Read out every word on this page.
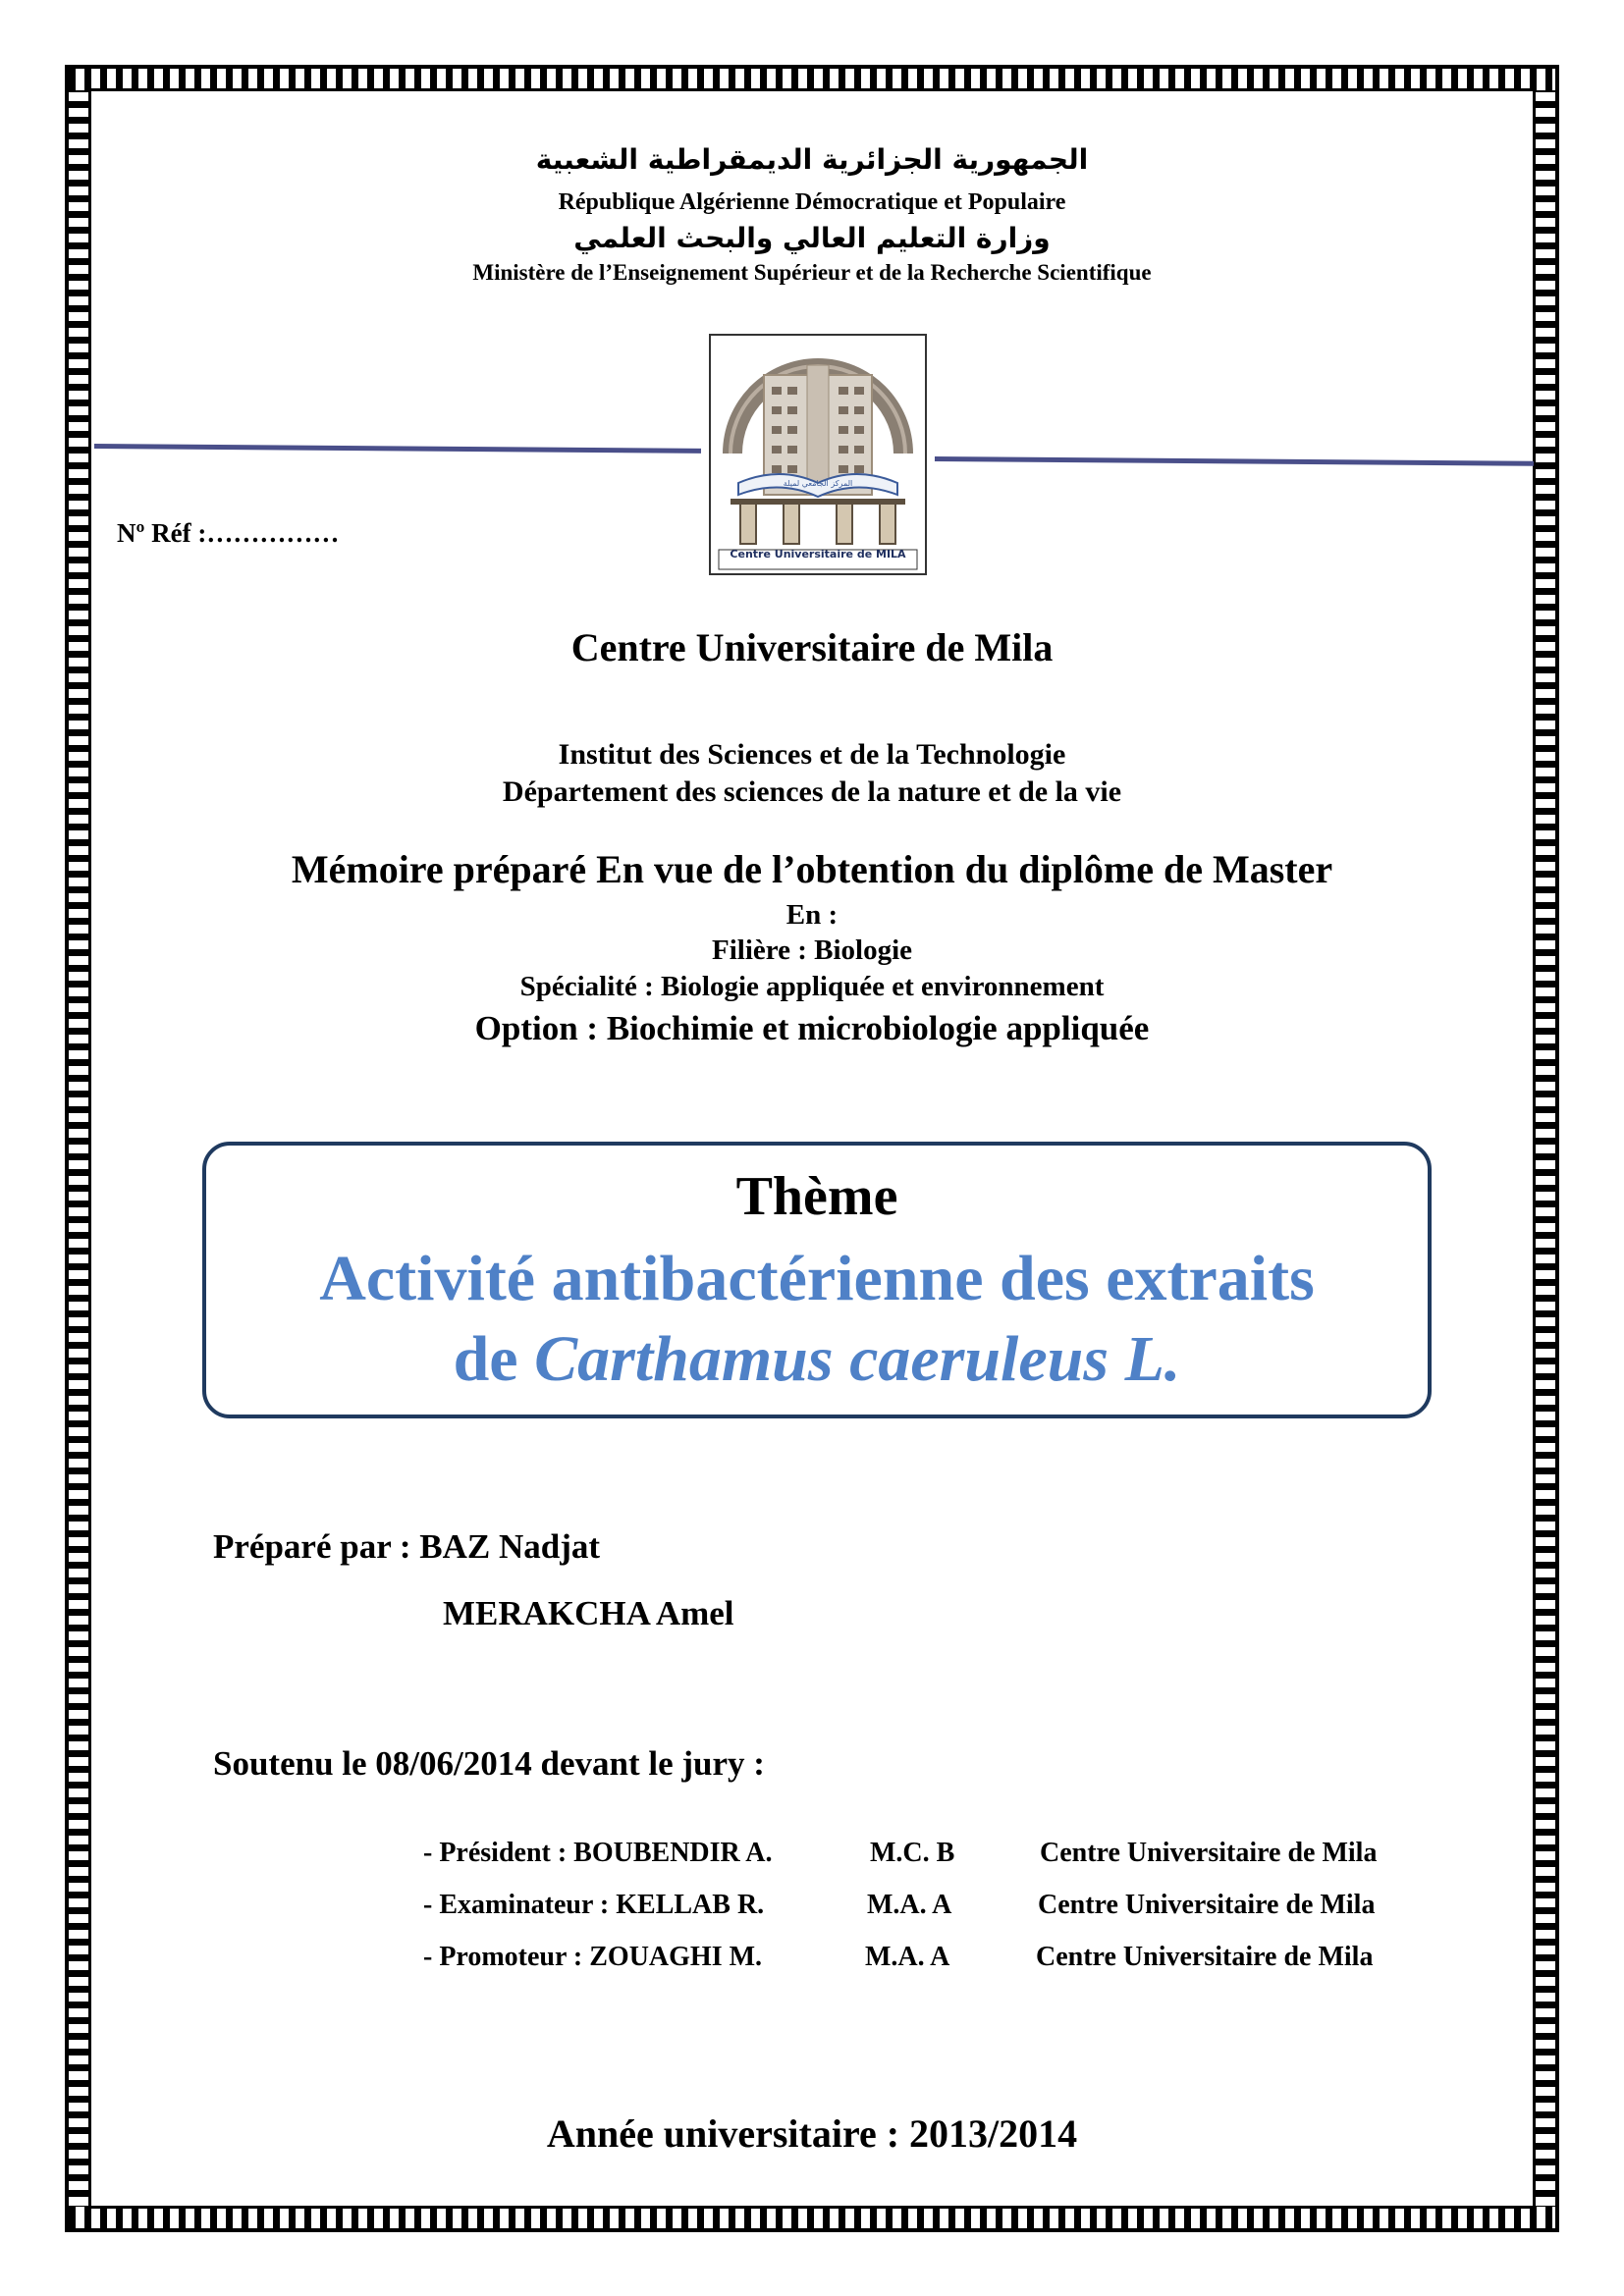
الجمهورية الجزائرية الديمقراطية الشعبية
République Algérienne Démocratique et Populaire
وزارة التعليم العالي والبحث العلمي
Ministère de l’Enseignement Supérieur et de la Recherche Scientifique
Centre Universitaire de MILA
المركز الجامعي لميلة
Nº Réf :……………
Centre Universitaire de Mila
Institut des Sciences et de la Technologie
Département des sciences de la nature et de la vie
Mémoire préparé En vue de l’obtention du diplôme de Master
En :
Filière : Biologie
Spécialité : Biologie appliquée et environnement
Option : Biochimie et microbiologie appliquée
Thème
Activité antibactérienne des extraits
de Carthamus caeruleus L.
Préparé par : BAZ Nadjat
MERAKCHA Amel
Soutenu le 08/06/2014 devant le jury :
- Président : BOUBENDIR A.	M.C. B	Centre Universitaire de Mila
- Examinateur : KELLAB R.	M.A. A	Centre Universitaire de Mila
- Promoteur : ZOUAGHI M.	M.A. A	Centre Universitaire de Mila
Année universitaire : 2013/2014
